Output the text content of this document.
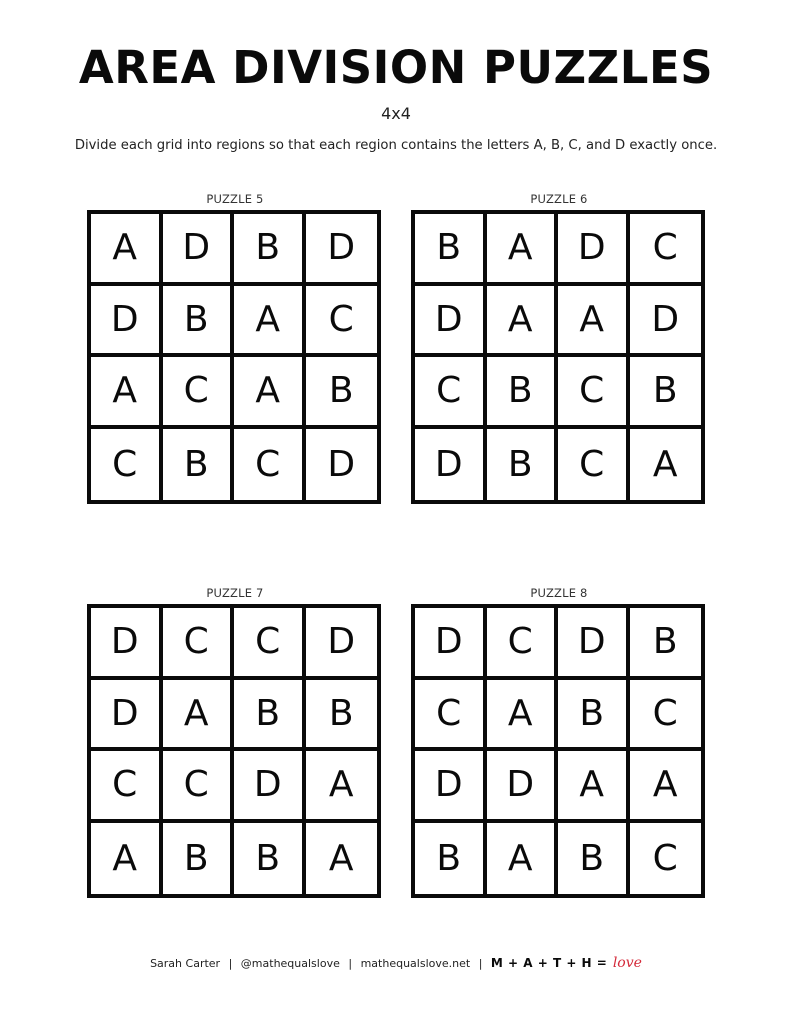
AREA DIVISION PUZZLES
4x4
Divide each grid into regions so that each region contains the letters A, B, C, and D exactly once.
PUZZLE 5
A	D	B	D
D	B	A	C
A	C	A	B
C	B	C	D
PUZZLE 6
B	A	D	C
D	A	A	D
C	B	C	B
D	B	C	A
PUZZLE 7
D	C	C	D
D	A	B	B
C	C	D	A
A	B	B	A
PUZZLE 8
D	C	D	B
C	A	B	C
D	D	A	A
B	A	B	C
Sarah Carter | @mathequalslove | mathequalslove.net | M + A + T + H = love
